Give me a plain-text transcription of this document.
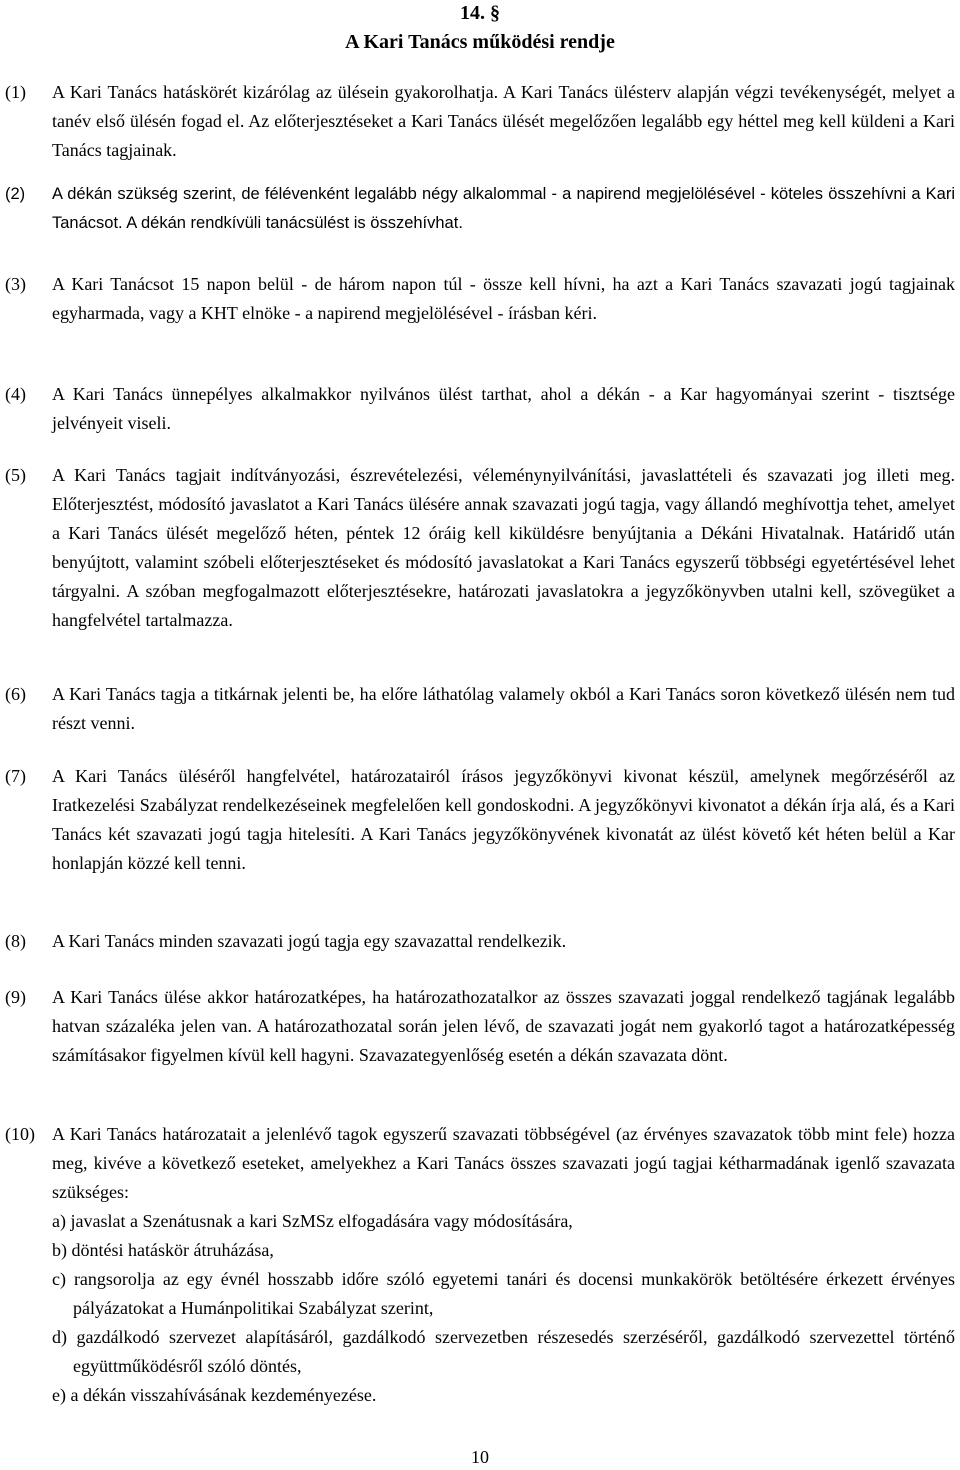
14. §
A Kari Tanács működési rendje
(1) A Kari Tanács hatáskörét kizárólag az ülésein gyakorolhatja. A Kari Tanács ülésterv alapján végzi tevékenységét, melyet a tanév első ülésén fogad el. Az előterjesztéseket a Kari Tanács ülését megelőzően legalább egy héttel meg kell küldeni a Kari Tanács tagjainak.
(2) A dékán szükség szerint, de félévenként legalább négy alkalommal - a napirend megjelölésével - köteles összehívni a Kari Tanácsot. A dékán rendkívüli tanácsülést is összehívhat.
(3) A Kari Tanácsot 15 napon belül - de három napon túl - össze kell hívni, ha azt a Kari Tanács szavazati jogú tagjainak egyharmada, vagy a KHT elnöke - a napirend megjelölésével - írásban kéri.
(4) A Kari Tanács ünnepélyes alkalmakkor nyilvános ülést tarthat, ahol a dékán - a Kar hagyományai szerint - tisztsége jelvényeit viseli.
(5) A Kari Tanács tagjait indítványozási, észrevételezési, véleménynyilvánítási, javaslattételi és szavazati jog illeti meg. Előterjesztést, módosító javaslatot a Kari Tanács ülésére annak szavazati jogú tagja, vagy állandó meghívottja tehet, amelyet a Kari Tanács ülését megelőző héten, péntek 12 óráig kell kiküldésre benyújtania a Dékáni Hivatalnak. Határidő után benyújtott, valamint szóbeli előterjesztéseket és módosító javaslatokat a Kari Tanács egyszerű többségi egyetértésével lehet tárgyalni. A szóban megfogalmazott előterjesztésekre, határozati javaslatokra a jegyzőkönyvben utalni kell, szövegüket a hangfelvétel tartalmazza.
(6) A Kari Tanács tagja a titkárnak jelenti be, ha előre láthatólag valamely okból a Kari Tanács soron következő ülésén nem tud részt venni.
(7) A Kari Tanács üléséről hangfelvétel, határozatairól írásos jegyzőkönyvi kivonat készül, amelynek megőrzéséről az Iratkezelési Szabályzat rendelkezéseinek megfelelően kell gondoskodni. A jegyzőkönyvi kivonatot a dékán írja alá, és a Kari Tanács két szavazati jogú tagja hitelesíti. A Kari Tanács jegyzőkönyvének kivonatát az ülést követő két héten belül a Kar honlapján közzé kell tenni.
(8) A Kari Tanács minden szavazati jogú tagja egy szavazattal rendelkezik.
(9) A Kari Tanács ülése akkor határozatképes, ha határozathozatalkor az összes szavazati joggal rendelkező tagjának legalább hatvan százaléka jelen van. A határozathozatal során jelen lévő, de szavazati jogát nem gyakorló tagot a határozatképesség számításakor figyelmen kívül kell hagyni. Szavazategyenlőség esetén a dékán szavazata dönt.
(10) A Kari Tanács határozatait a jelenlévő tagok egyszerű szavazati többségével (az érvényes szavazatok több mint fele) hozza meg, kivéve a következő eseteket, amelyekhez a Kari Tanács összes szavazati jogú tagjai kétharmadának igenlő szavazata szükséges:
a) javaslat a Szenátusnak a kari SzMSz elfogadására vagy módosítására,
b) döntési hatáskör átruházása,
c) rangsorolja az egy évnél hosszabb időre szóló egyetemi tanári és docensi munkakörök betöltésére érkezett érvényes pályázatokat a Humánpolitikai Szabályzat szerint,
d) gazdálkodó szervezet alapításáról, gazdálkodó szervezetben részesedés szerzéséről, gazdálkodó szervezettel történő együttműködésről szóló döntés,
e) a dékán visszahívásának kezdeményezése.
10
